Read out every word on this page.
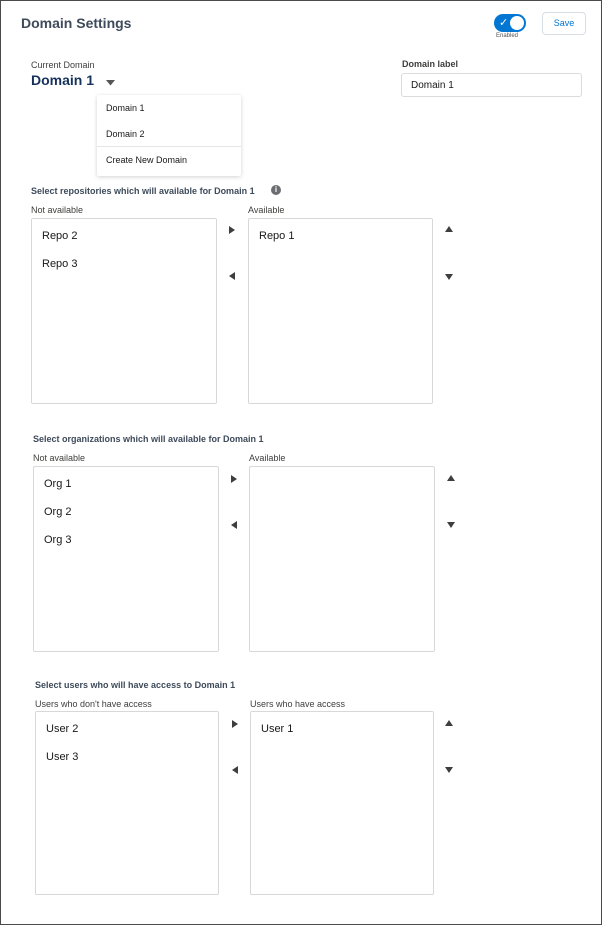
Domain Settings	✓
Enabled
Save
Current Domain
Domain 1
Domain label
Domain 1
Domain 1
Domain 2
Create New Domain
Select repositories which will available for Domain 1	i
Not available	Available
Repo 2
Repo 3
Repo 1
Select organizations which will available for Domain 1
Not available	Available
Org 1
Org 2
Org 3
Select users who will have access to Domain 1
Users who don't have access	Users who have access
User 2
User 3
User 1
